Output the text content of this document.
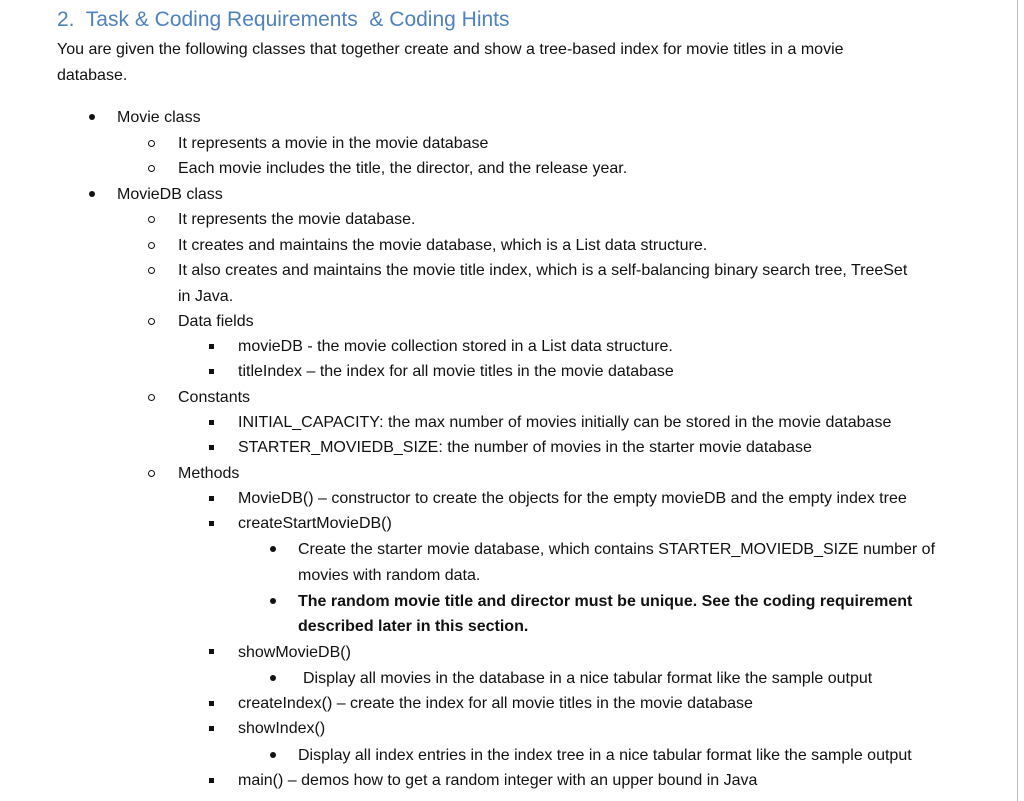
2.  Task & Coding Requirements  & Coding Hints

You are given the following classes that together create and show a tree-based index for movie titles in a movie database.

Movie class
It represents a movie in the movie database
Each movie includes the title, the director, and the release year.
MovieDB class
It represents the movie database.
It creates and maintains the movie database, which is a List data structure.
It also creates and maintains the movie title index, which is a self-balancing binary search tree, TreeSet
in Java.
Data fields
movieDB - the movie collection stored in a List data structure.
titleIndex – the index for all movie titles in the movie database
Constants
INITIAL_CAPACITY: the max number of movies initially can be stored in the movie database
STARTER_MOVIEDB_SIZE: the number of movies in the starter movie database
Methods
MovieDB() – constructor to create the objects for the empty movieDB and the empty index tree
createStartMovieDB()
Create the starter movie database, which contains STARTER_MOVIEDB_SIZE number of
movies with random data.
The random movie title and director must be unique. See the coding requirement
described later in this section.
showMovieDB()
Display all movies in the database in a nice tabular format like the sample output
createIndex() – create the index for all movie titles in the movie database
showIndex()
Display all index entries in the index tree in a nice tabular format like the sample output
main() – demos how to get a random integer with an upper bound in Java
